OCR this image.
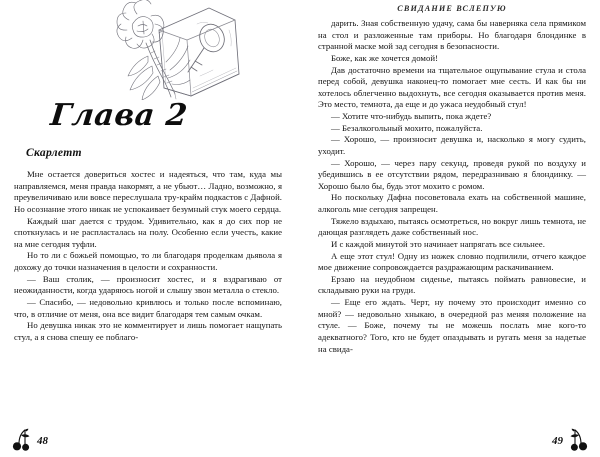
Глава 2
Скарлетт

Мне остается довериться хостес и надеяться, что там, куда мы направляемся, меня правда накормят, а не убьют… Ладно, возможно, я преувеличиваю или вовсе переслушала тру-крайм подкастов с Дафной. Но осознание этого никак не успокаивает безумный стук моего сердца.

Каждый шаг дается с трудом. Удивительно, как я до сих пор не споткнулась и не распласталась на полу. Особенно если учесть, какие на мне сегодня туфли.

Но то ли с божьей помощью, то ли благодаря проделкам дьявола я дохожу до точки назначения в целости и сохранности.

— Ваш столик, — произносит хостес, и я вздрагиваю от неожиданности, когда ударяюсь ногой и слышу звон металла о стекло.

— Спасибо, — недовольно кривлюсь и только после вспоминаю, что, в отличие от меня, она все видит благодаря тем самым очкам.

Но девушка никак это не комментирует и лишь помогает нащупать стул, а я снова спешу ее поблаго-

48
СВИДАНИЕ ВСЛЕПУЮ

дарить. Зная собственную удачу, сама бы наверняка села прямиком на стол и разложенные там приборы. Но благодаря блондинке в странной маске мой зад сегодня в безопасности.

Боже, как же хочется домой!

Дав достаточно времени на тщательное ощупывание стула и стола перед собой, девушка наконец-то помогает мне сесть. И как бы ни хотелось облегченно выдохнуть, все сегодня оказывается против меня. Это место, темнота, да еще и до ужаса неудобный стул!

— Хотите что-нибудь выпить, пока ждете?

— Безалкогольный мохито, пожалуйста.

— Хорошо, — произносит девушка и, насколько я могу судить, уходит.

— Хорошо, — через пару секунд, проведя рукой по воздуху и убедившись в ее отсутствии рядом, передразниваю я блондинку. — Хорошо было бы, будь этот мохито с ромом.

Но поскольку Дафна посоветовала ехать на собственной машине, алкоголь мне сегодня запрещен.

Тяжело вздыхаю, пытаясь осмотреться, но вокруг лишь темнота, не дающая разглядеть даже собственный нос.

И с каждой минутой это начинает напрягать все сильнее.

А еще этот стул! Одну из ножек словно подпилили, отчего каждое мое движение сопровождается раздражающим раскачиванием.

Ерзаю на неудобном сиденье, пытаясь поймать равновесие, и складываю руки на груди.

— Еще его ждать. Черт, ну почему это происходит именно со мной? — недовольно хныкаю, в очередной раз меняя положение на стуле. — Боже, почему ты не можешь послать мне кого-то адекватного? Того, кто не будет опаздывать и ругать меня за надетые на свида-

49
